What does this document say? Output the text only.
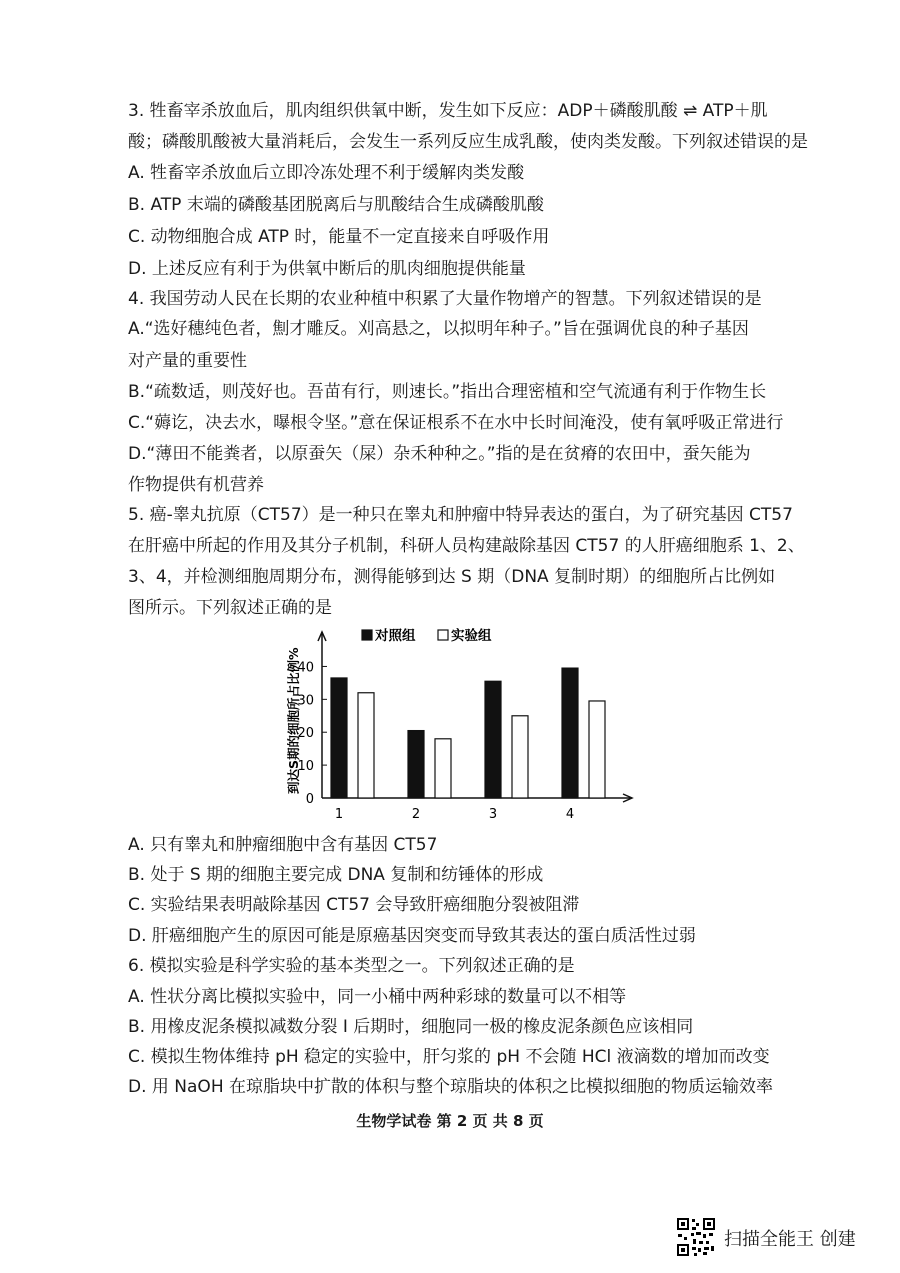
3. 牲畜宰杀放血后，肌肉组织供氧中断，发生如下反应：ADP＋磷酸肌酸 ⇌ ATP＋肌
酸；磷酸肌酸被大量消耗后，会发生一系列反应生成乳酸，使肉类发酸。下列叙述错误的是
A. 牲畜宰杀放血后立即冷冻处理不利于缓解肉类发酸
B. ATP 末端的磷酸基团脱离后与肌酸结合生成磷酸肌酸
C. 动物细胞合成 ATP 时，能量不一定直接来自呼吸作用
D. 上述反应有利于为供氧中断后的肌肉细胞提供能量
4. 我国劳动人民在长期的农业种植中积累了大量作物增产的智慧。下列叙述错误的是
A.“选好穗纯色者，劁才雕反。刈高悬之，以拟明年种子。”旨在强调优良的种子基因
对产量的重要性
B.“疏数适，则茂好也。吾苗有行，则速长。”指出合理密植和空气流通有利于作物生长
C.“薅讫，决去水，曝根令坚。”意在保证根系不在水中长时间淹没，使有氧呼吸正常进行
D.“薄田不能粪者，以原蚕矢（屎）杂禾种种之。”指的是在贫瘠的农田中，蚕矢能为
作物提供有机营养
5. 癌-睾丸抗原（CT57）是一种只在睾丸和肿瘤中特异表达的蛋白，为了研究基因 CT57
在肝癌中所起的作用及其分子机制，科研人员构建敲除基因 CT57 的人肝癌细胞系 1、2、
3、4，并检测细胞周期分布，测得能够到达 S 期（DNA 复制时期）的细胞所占比例如
图所示。下列叙述正确的是
A. 只有睾丸和肿瘤细胞中含有基因 CT57
B. 处于 S 期的细胞主要完成 DNA 复制和纺锤体的形成
C. 实验结果表明敲除基因 CT57 会导致肝癌细胞分裂被阻滞
D. 肝癌细胞产生的原因可能是原癌基因突变而导致其表达的蛋白质活性过弱
6. 模拟实验是科学实验的基本类型之一。下列叙述正确的是
A. 性状分离比模拟实验中，同一小桶中两种彩球的数量可以不相等
B. 用橡皮泥条模拟减数分裂 Ⅰ 后期时，细胞同一极的橡皮泥条颜色应该相同
C. 模拟生物体维持 pH 稳定的实验中，肝匀浆的 pH 不会随 HCl 液滴数的增加而改变
D. 用 NaOH 在琼脂块中扩散的体积与整个琼脂块的体积之比模拟细胞的物质运输效率
0
10
20
30
40
到达S期的细胞所占比例%
1	2	3	4
对照组	实验组
生物学试卷 第 2 页 共 8 页
扫描全能王 创建
